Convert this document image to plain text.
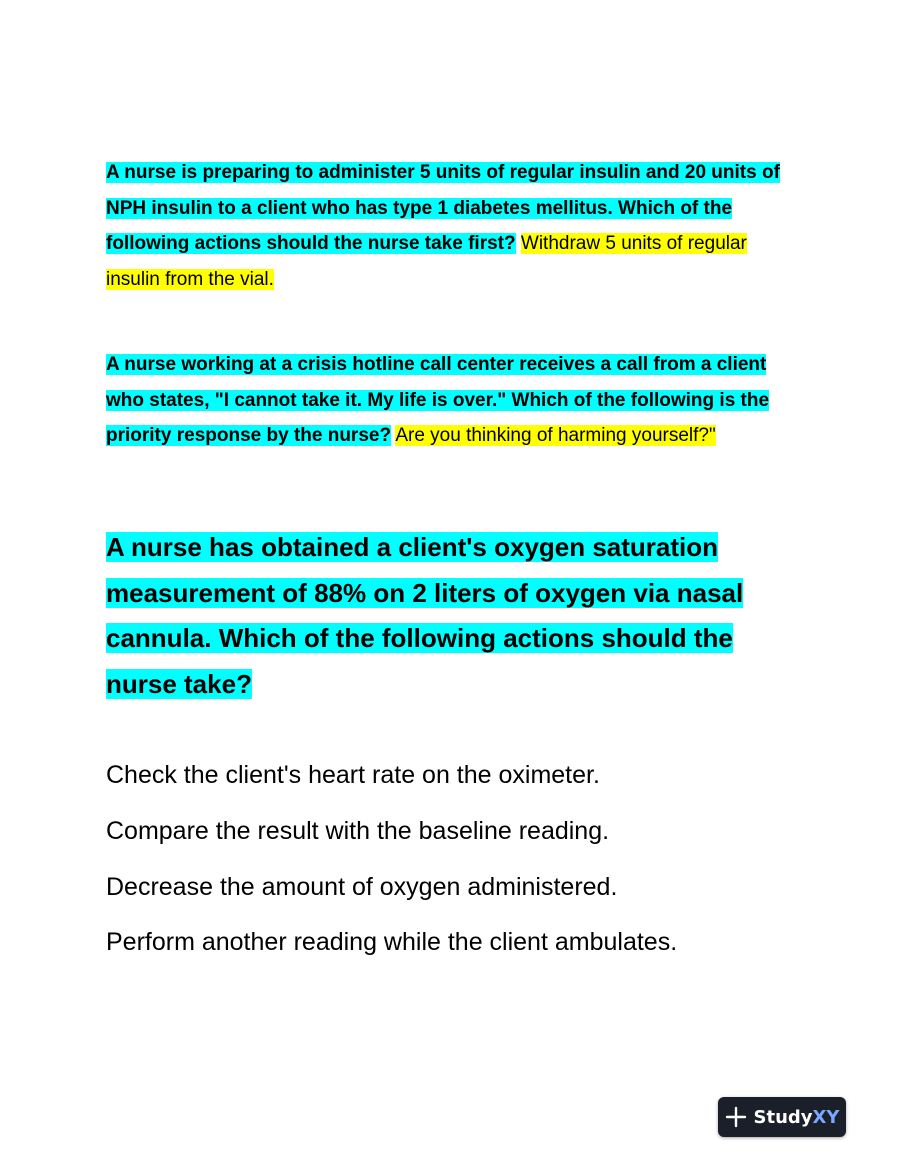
A nurse is preparing to administer 5 units of regular insulin and 20 units of NPH insulin to a client who has type 1 diabetes mellitus. Which of the following actions should the nurse take first? Withdraw 5 units of regular insulin from the vial.
A nurse working at a crisis hotline call center receives a call from a client who states, "I cannot take it. My life is over." Which of the following is the priority response by the nurse? Are you thinking of harming yourself?"
A nurse has obtained a client's oxygen saturation measurement of 88% on 2 liters of oxygen via nasal cannula. Which of the following actions should the nurse take?
Check the client's heart rate on the oximeter.
Compare the result with the baseline reading.
Decrease the amount of oxygen administered.
Perform another reading while the client ambulates.
StudyXY
